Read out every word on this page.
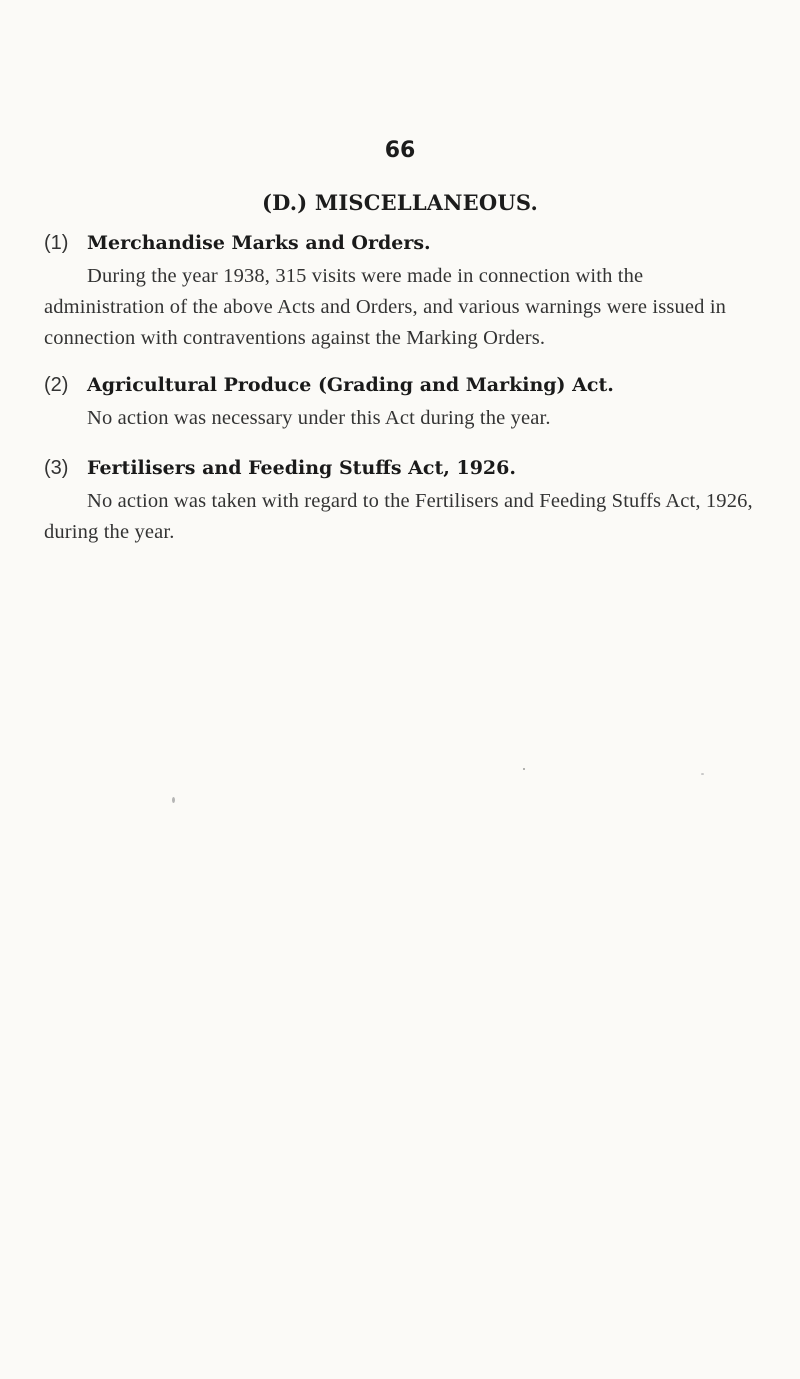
66
(D.) MISCELLANEOUS.
(1) Merchandise Marks and Orders.
During the year 1938, 315 visits were made in connection with the administration of the above Acts and Orders, and various warnings were issued in connection with contraventions against the Marking Orders.
(2) Agricultural Produce (Grading and Marking) Act.
No action was necessary under this Act during the year.
(3) Fertilisers and Feeding Stuffs Act, 1926.
No action was taken with regard to the Fertilisers and Feeding Stuffs Act, 1926, during the year.
